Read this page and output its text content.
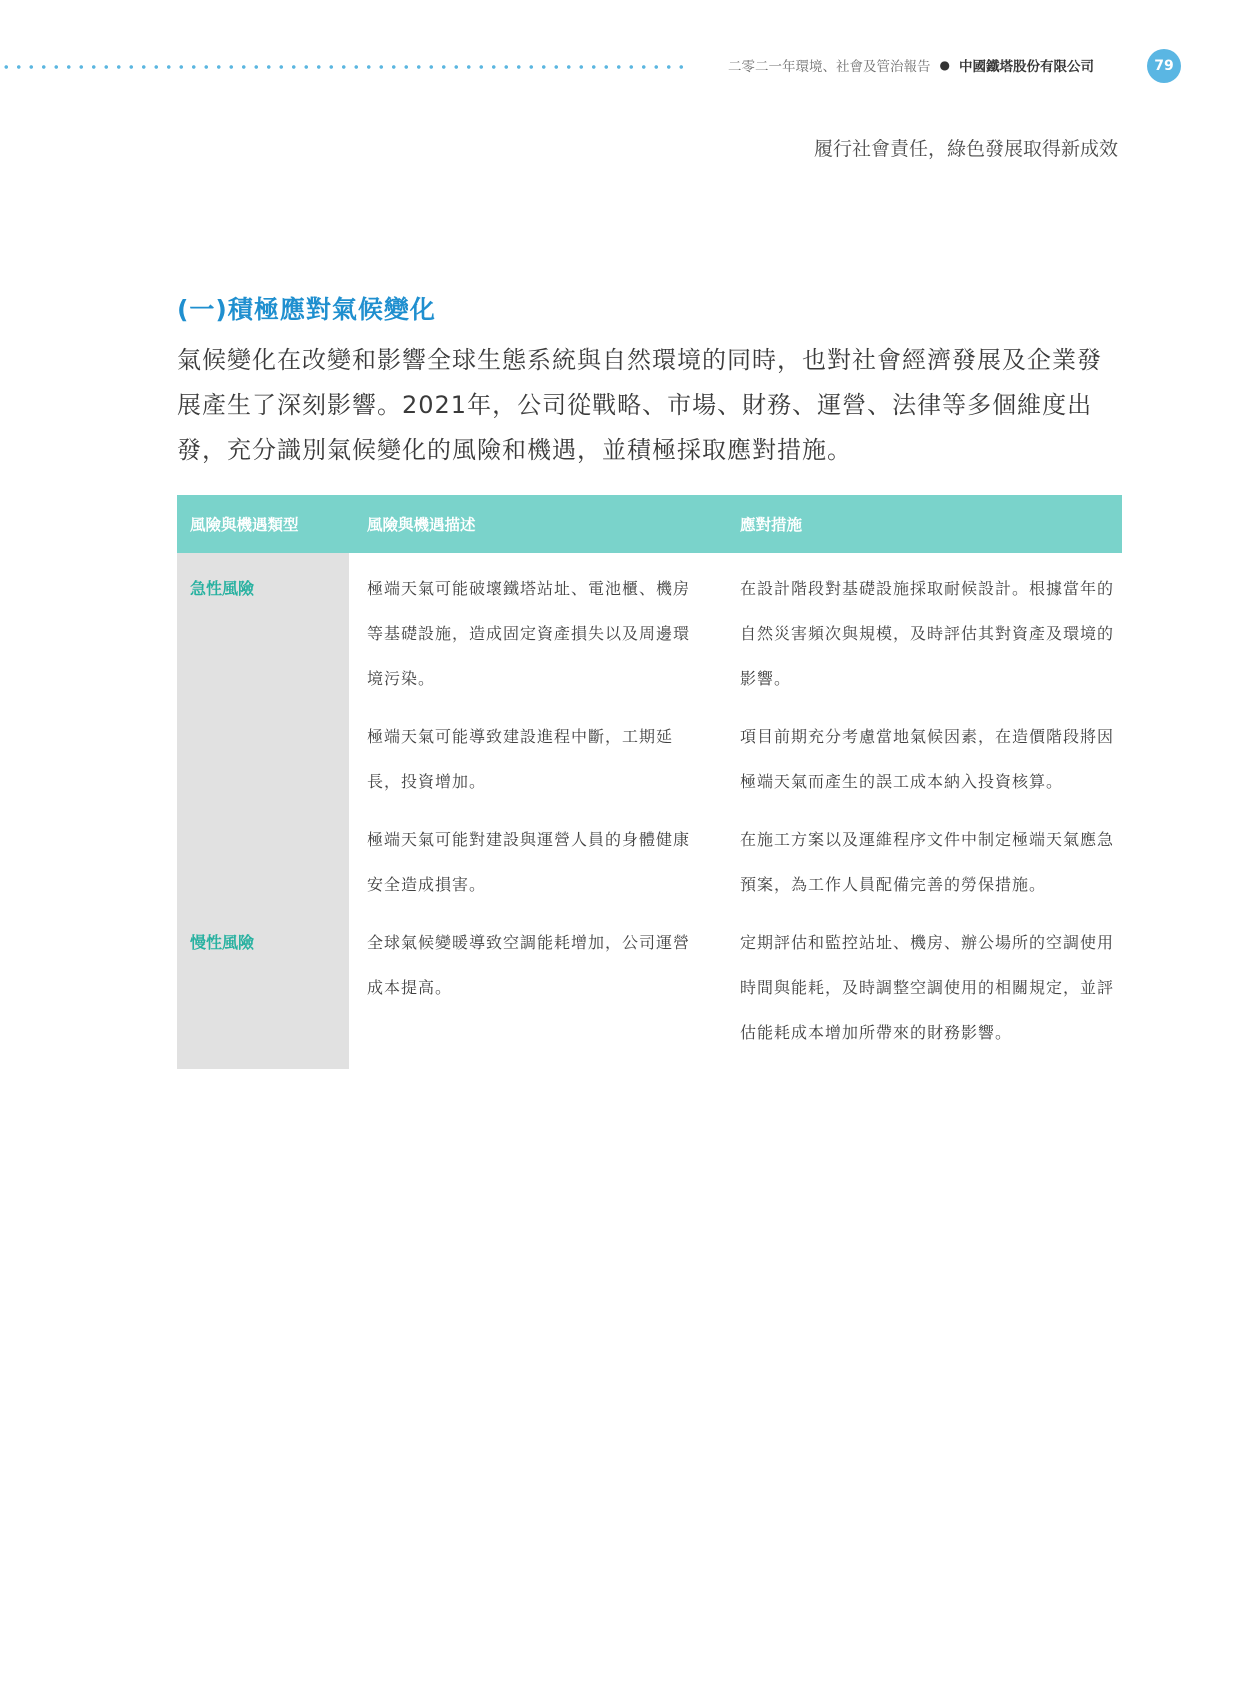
二零二一年環境、社會及管治報告 ● 中國鐵塔股份有限公司	79
履行社會責任，綠色發展取得新成效
(一)積極應對氣候變化

氣候變化在改變和影響全球生態系統與自然環境的同時，也對社會經濟發展及企業發展產生了深刻影響。2021年，公司從戰略、市場、財務、運營、法律等多個維度出發，充分識別氣候變化的風險和機遇，並積極採取應對措施。

風險與機遇類型	風險與機遇描述	應對措施
急性風險	極端天氣可能破壞鐵塔站址、電池櫃、機房等基礎設施，造成固定資產損失以及周邊環境污染。	在設計階段對基礎設施採取耐候設計。根據當年的自然災害頻次與規模，及時評估其對資產及環境的影響。
	極端天氣可能導致建設進程中斷，工期延長，投資增加。	項目前期充分考慮當地氣候因素，在造價階段將因極端天氣而產生的誤工成本納入投資核算。
	極端天氣可能對建設與運營人員的身體健康安全造成損害。	在施工方案以及運維程序文件中制定極端天氣應急預案，為工作人員配備完善的勞保措施。
慢性風險	全球氣候變暖導致空調能耗增加，公司運營成本提高。	定期評估和監控站址、機房、辦公場所的空調使用時間與能耗，及時調整空調使用的相關規定，並評估能耗成本增加所帶來的財務影響。
